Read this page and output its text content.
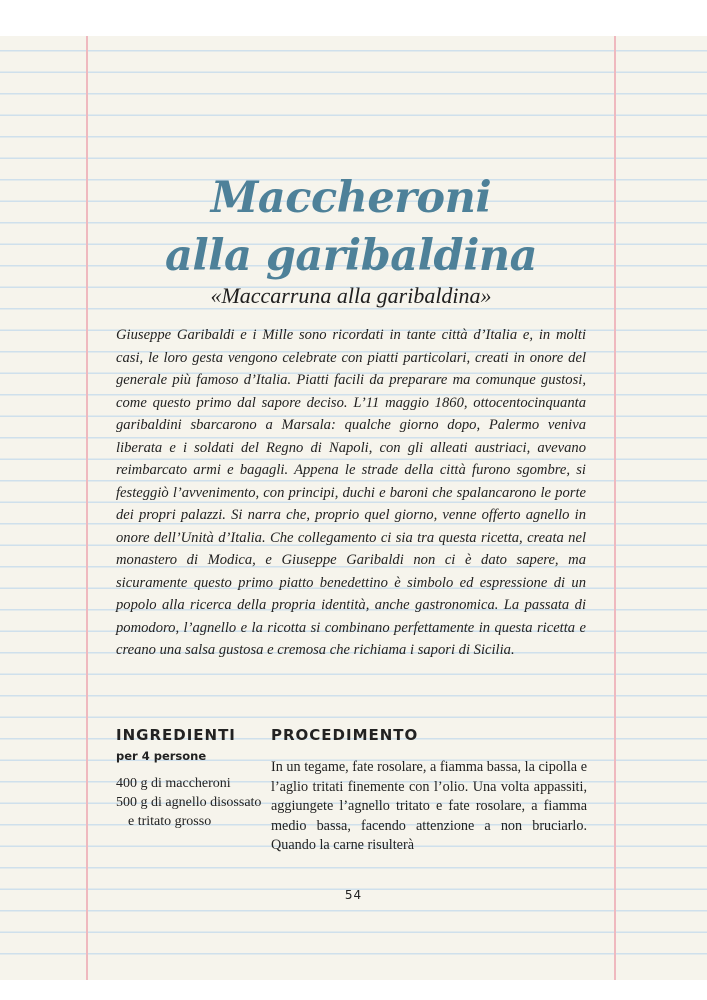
Maccheroni
alla garibaldina
«Maccarruna alla garibaldina»

Giuseppe Garibaldi e i Mille sono ricordati in tante città d’Italia e, in molti casi, le loro gesta vengono celebrate con piatti particolari, creati in onore del generale più famoso d’Italia. Piatti facili da preparare ma comunque gustosi, come questo primo dal sapore deciso. L’11 maggio 1860, ottocentocinquanta garibaldini sbarcarono a Marsala: qualche giorno dopo, Palermo veniva liberata e i soldati del Regno di Napoli, con gli alleati austriaci, avevano reimbarcato armi e bagagli. Appena le strade della città furono sgombre, si festeggiò l’avvenimento, con principi, duchi e baroni che spalancarono le porte dei propri palazzi. Si narra che, proprio quel giorno, venne offerto agnello in onore dell’Unità d’Italia. Che collegamento ci sia tra questa ricetta, creata nel monastero di Modica, e Giuseppe Garibaldi non ci è dato sapere, ma sicuramente questo primo piatto benedettino è simbolo ed espressione di un popolo alla ricerca della propria identità, anche gastronomica. La passata di pomodoro, l’agnello e la ricotta si combinano perfettamente in questa ricetta e creano una salsa gustosa e cremosa che richiama i sapori di Sicilia.

INGREDIENTI
per 4 persone
400 g di maccheroni
500 g di agnello disossato e tritato grosso
PROCEDIMENTO

In un tegame, fate rosolare, a fiamma bassa, la cipolla e l’aglio tritati finemente con l’olio. Una volta appassiti, aggiungete l’agnello tritato e fate rosolare, a fiamma medio bassa, facendo attenzione a non bruciarlo. Quando la carne risulterà

54
